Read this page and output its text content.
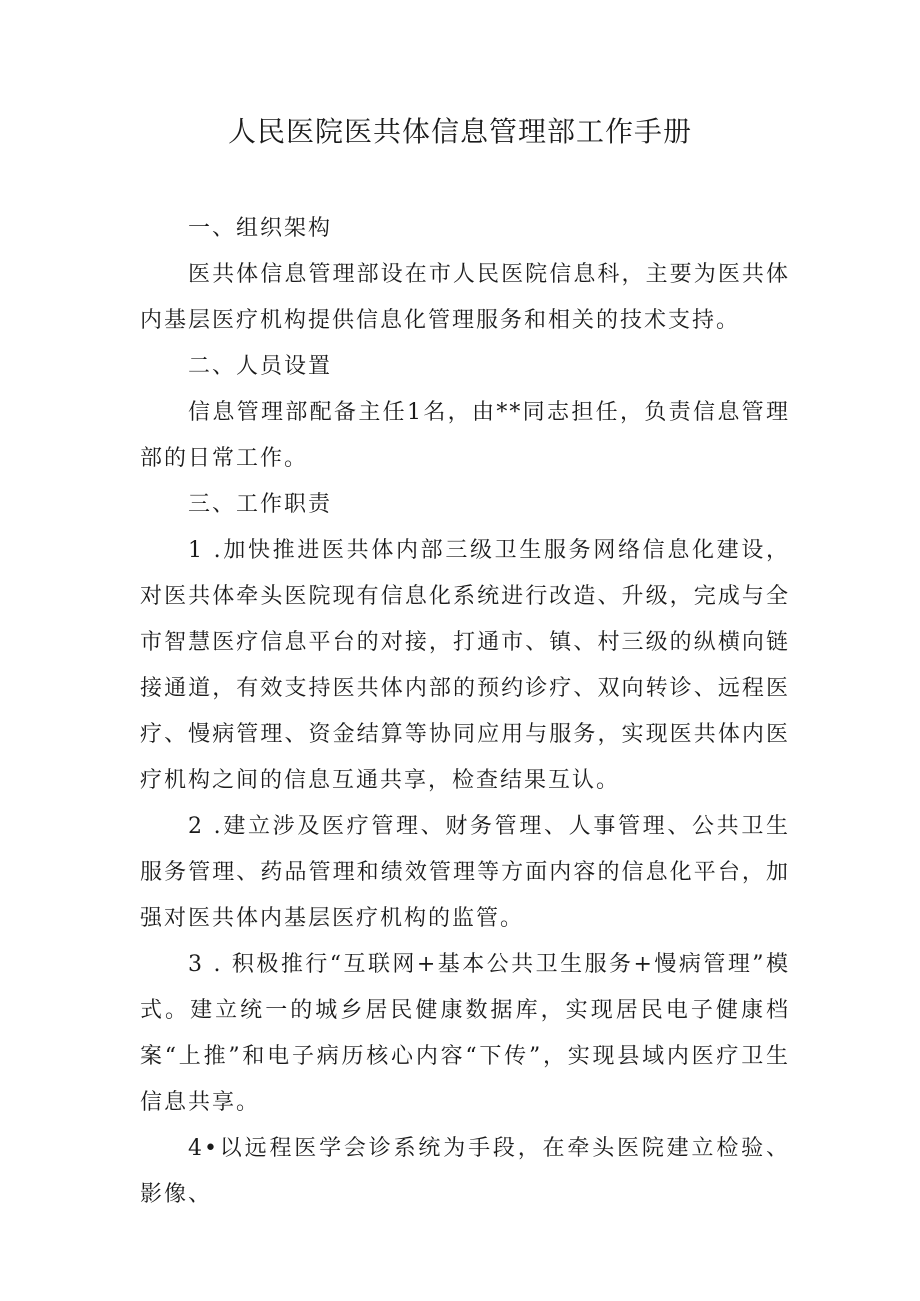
人民医院医共体信息管理部工作手册

一、组织架构

医共体信息管理部设在市人民医院信息科，主要为医共体内基层医疗机构提供信息化管理服务和相关的技术支持。

二、人员设置

信息管理部配备主任1名，由**同志担任，负责信息管理部的日常工作。

三、工作职责

1 .加快推进医共体内部三级卫生服务网络信息化建设，对医共体牵头医院现有信息化系统进行改造、升级，完成与全市智慧医疗信息平台的对接，打通市、镇、村三级的纵横向链接通道，有效支持医共体内部的预约诊疗、双向转诊、远程医疗、慢病管理、资金结算等协同应用与服务，实现医共体内医疗机构之间的信息互通共享，检查结果互认。

2 .建立涉及医疗管理、财务管理、人事管理、公共卫生服务管理、药品管理和绩效管理等方面内容的信息化平台，加强对医共体内基层医疗机构的监管。

3 . 积极推行“互联网+基本公共卫生服务+慢病管理”模式。建立统一的城乡居民健康数据库，实现居民电子健康档案“上推”和电子病历核心内容“下传”，实现县域内医疗卫生信息共享。

4•以远程医学会诊系统为手段，在牵头医院建立检验、影像、
